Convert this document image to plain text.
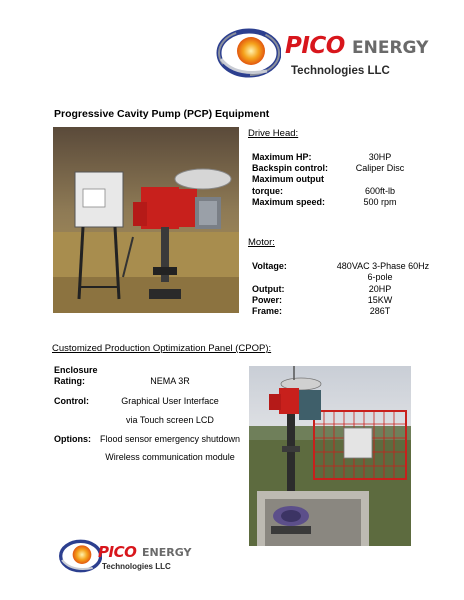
PICO ENERGY
Technologies LLC
Progressive Cavity Pump (PCP) Equipment
Drive Head:
Maximum HP:	30HP
Backspin control:	Caliper Disc
Maximum output
torque:	600ft-lb
Maximum speed:	500 rpm
Motor:
Voltage:	480VAC 3-Phase 60Hz
6-pole
Output:	20HP
Power:	15KW
Frame:	286T
Customized Production Optimization Panel (CPOP):
Enclosure
Rating:	NEMA 3R
Control:	Graphical User Interface
via Touch screen LCD
Options: Flood sensor emergency shutdown
Wireless communication module
PICO ENERGY
Technologies LLC
